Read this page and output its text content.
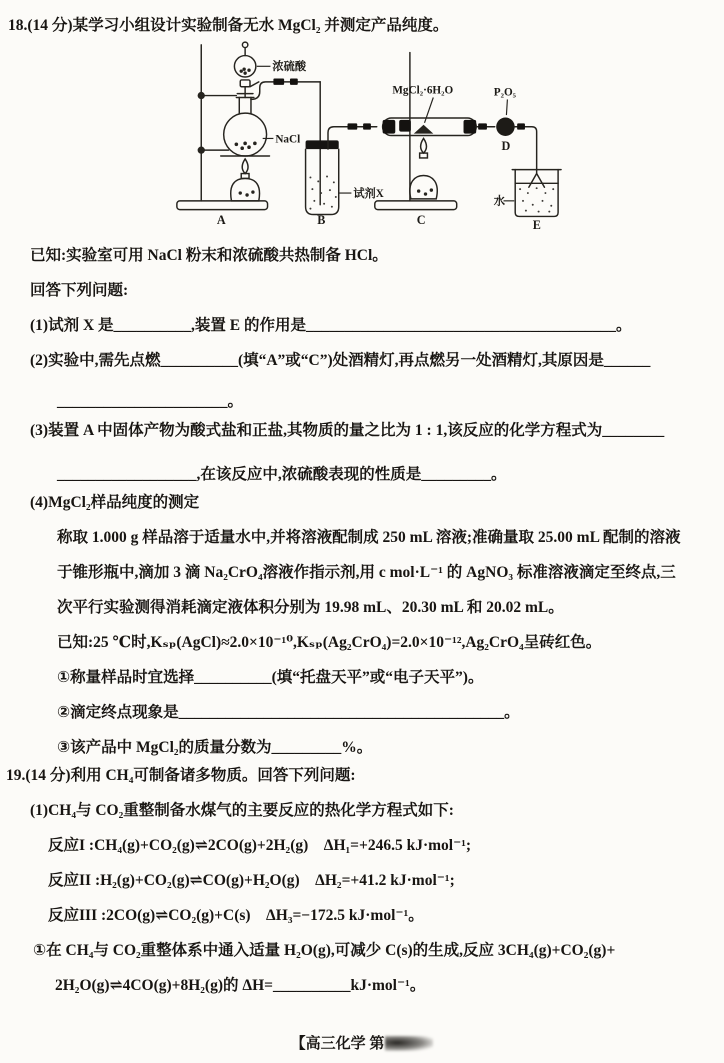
18.(14 分)某学习小组设计实验制备无水 MgCl₂ 并测定产品纯度。

浓硫酸
NaCl
A
试剂X
B
MgCl₂·6H₂O
C
P₂O₅
D
水
E

已知:实验室可用 NaCl 粉末和浓硫酸共热制备 HCl。

回答下列问题:

(1)试剂 X 是__________,装置 E 的作用是________________________________________。

(2)实验中,需先点燃__________(填“A”或“C”)处酒精灯,再点燃另一处酒精灯,其原因是______

______________________。

(3)装置 A 中固体产物为酸式盐和正盐,其物质的量之比为 1 : 1,该反应的化学方程式为________

__________________,在该反应中,浓硫酸表现的性质是_________。

(4)MgCl₂样品纯度的测定

称取 1.000 g 样品溶于适量水中,并将溶液配制成 250 mL 溶液;准确量取 25.00 mL 配制的溶液

于锥形瓶中,滴加 3 滴 Na₂CrO₄溶液作指示剂,用 c mol·L⁻¹ 的 AgNO₃ 标准溶液滴定至终点,三

次平行实验测得消耗滴定液体积分别为 19.98 mL、20.30 mL 和 20.02 mL。

已知:25 ℃时,Kₛₚ(AgCl)≈2.0×10⁻¹⁰,Kₛₚ(Ag₂CrO₄)=2.0×10⁻¹²,Ag₂CrO₄呈砖红色。

①称量样品时宜选择__________(填“托盘天平”或“电子天平”)。

②滴定终点现象是__________________________________________。

③该产品中 MgCl₂的质量分数为_________%。

19.(14 分)利用 CH₄可制备诸多物质。回答下列问题:

(1)CH₄与 CO₂重整制备水煤气的主要反应的热化学方程式如下:

反应I :CH₄(g)+CO₂(g)⇌2CO(g)+2H₂(g)　ΔH₁=+246.5 kJ·mol⁻¹;

反应II :H₂(g)+CO₂(g)⇌CO(g)+H₂O(g)　ΔH₂=+41.2 kJ·mol⁻¹;

反应III :2CO(g)⇌CO₂(g)+C(s)　ΔH₃=−172.5 kJ·mol⁻¹。

①在 CH₄与 CO₂重整体系中通入适量 H₂O(g),可减少 C(s)的生成,反应 3CH₄(g)+CO₂(g)+

2H₂O(g)⇌4CO(g)+8H₂(g)的 ΔH=__________kJ·mol⁻¹。

【高三化学 第
